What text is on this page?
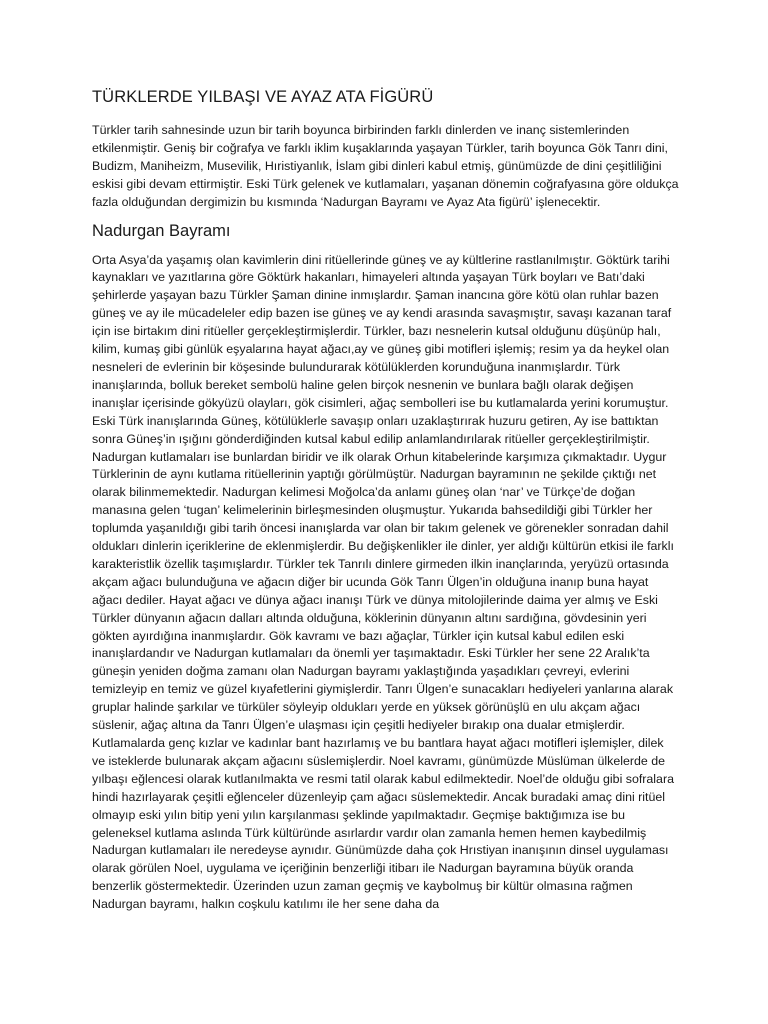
TÜRKLERDE YILBAŞI VE AYAZ ATA FİGÜRÜ

Türkler tarih sahnesinde uzun bir tarih boyunca birbirinden farklı dinlerden ve inanç sistemlerinden etkilenmiştir. Geniş bir coğrafya ve farklı iklim kuşaklarında yaşayan Türkler, tarih boyunca Gök Tanrı dini, Budizm, Maniheizm, Musevilik, Hıristiyanlık, İslam gibi dinleri kabul etmiş, günümüzde de dini çeşitliliğini eskisi gibi devam ettirmiştir. Eski Türk gelenek ve kutlamaları, yaşanan dönemin coğrafyasına göre oldukça fazla olduğundan dergimizin bu kısmında ‘Nadurgan Bayramı ve Ayaz Ata figürü’ işlenecektir.

Nadurgan Bayramı

Orta Asya’da yaşamış olan kavimlerin dini ritüellerinde güneş ve ay kültlerine rastlanılmıştır. Göktürk tarihi kaynakları ve yazıtlarına göre Göktürk hakanları, himayeleri altında yaşayan Türk boyları ve Batı’daki şehirlerde yaşayan bazu Türkler Şaman dinine inmışlardır. Şaman inancına göre kötü olan ruhlar bazen güneş ve ay ile mücadeleler edip bazen ise güneş ve ay kendi arasında savaşmıştır, savaşı kazanan taraf için ise birtakım dini ritüeller gerçekleştirmişlerdir. Türkler, bazı nesnelerin kutsal olduğunu düşünüp halı, kilim, kumaş gibi günlük eşyalarına hayat ağacı,ay ve güneş gibi motifleri işlemiş; resim ya da heykel olan nesneleri de evlerinin bir köşesinde bulundurarak kötülüklerden korunduğuna inanmışlardır. Türk inanışlarında, bolluk bereket sembolü haline gelen birçok nesnenin ve bunlara bağlı olarak değişen inanışlar içerisinde gökyüzü olayları, gök cisimleri, ağaç sembolleri ise bu kutlamalarda yerini korumuştur. Eski Türk inanışlarında Güneş, kötülüklerle savaşıp onları uzaklaştırırak huzuru getiren, Ay ise battıktan sonra Güneş’in ışığını gönderdiğinden kutsal kabul edilip anlamlandırılarak ritüeller gerçekleştirilmiştir. Nadurgan kutlamaları ise bunlardan biridir ve ilk olarak Orhun kitabelerinde karşımıza çıkmaktadır. Uygur Türklerinin de aynı kutlama ritüellerinin yaptığı görülmüştür. Nadurgan bayramının ne şekilde çıktığı net olarak bilinmemektedir. Nadurgan kelimesi Moğolca’da anlamı güneş olan ‘nar’ ve Türkçe’de doğan manasına gelen ‘tugan’ kelimelerinin birleşmesinden oluşmuştur. Yukarıda bahsedildiği gibi Türkler her toplumda yaşanıldığı gibi tarih öncesi inanışlarda var olan bir takım gelenek ve görenekler sonradan dahil oldukları dinlerin içeriklerine de eklenmişlerdir. Bu değişkenlikler ile dinler, yer aldığı kültürün etkisi ile farklı karakteristlik özellik taşımışlardır. Türkler tek Tanrılı dinlere girmeden ilkin inançlarında, yeryüzü ortasında akçam ağacı bulunduğuna ve ağacın diğer bir ucunda Gök Tanrı Ülgen’in olduğuna inanıp buna hayat ağacı dediler. Hayat ağacı ve dünya ağacı inanışı Türk ve dünya mitolojilerinde daima yer almış ve Eski Türkler dünyanın ağacın dalları altında olduğuna, köklerinin dünyanın altını sardığına, gövdesinin yeri gökten ayırdığına inanmışlardır. Gök kavramı ve bazı ağaçlar, Türkler için kutsal kabul edilen eski inanışlardandır ve Nadurgan kutlamaları da önemli yer taşımaktadır. Eski Türkler her sene 22 Aralık’ta güneşin yeniden doğma zamanı olan Nadurgan bayramı yaklaştığında yaşadıkları çevreyi, evlerini temizleyip en temiz ve güzel kıyafetlerini giymişlerdir. Tanrı Ülgen’e sunacakları hediyeleri yanlarına alarak gruplar halinde şarkılar ve türküler söyleyip oldukları yerde en yüksek görünüşlü en ulu akçam ağacı süslenir, ağaç altına da Tanrı Ülgen’e ulaşması için çeşitli hediyeler bırakıp ona dualar etmişlerdir. Kutlamalarda genç kızlar ve kadınlar bant hazırlamış ve bu bantlara hayat ağacı motifleri işlemişler, dilek ve isteklerde bulunarak akçam ağacını süslemişlerdir. Noel kavramı, günümüzde Müslüman ülkelerde de yılbaşı eğlencesi olarak kutlanılmakta ve resmi tatil olarak kabul edilmektedir. Noel’de olduğu gibi sofralara hindi hazırlayarak çeşitli eğlenceler düzenleyip çam ağacı süslemektedir. Ancak buradaki amaç dini ritüel olmayıp eski yılın bitip yeni yılın karşılanması şeklinde yapılmaktadır. Geçmişe baktığımıza ise bu geleneksel kutlama aslında Türk kültüründe asırlardır vardır olan zamanla hemen hemen kaybedilmiş Nadurgan kutlamaları ile neredeyse aynıdır. Günümüzde daha çok Hrıstiyan inanışının dinsel uygulaması olarak görülen Noel, uygulama ve içeriğinin benzerliği itibarı ile Nadurgan bayramına büyük oranda benzerlik göstermektedir. Üzerinden uzun zaman geçmiş ve kaybolmuş bir kültür olmasına rağmen Nadurgan bayramı, halkın coşkulu katılımı ile her sene daha da
